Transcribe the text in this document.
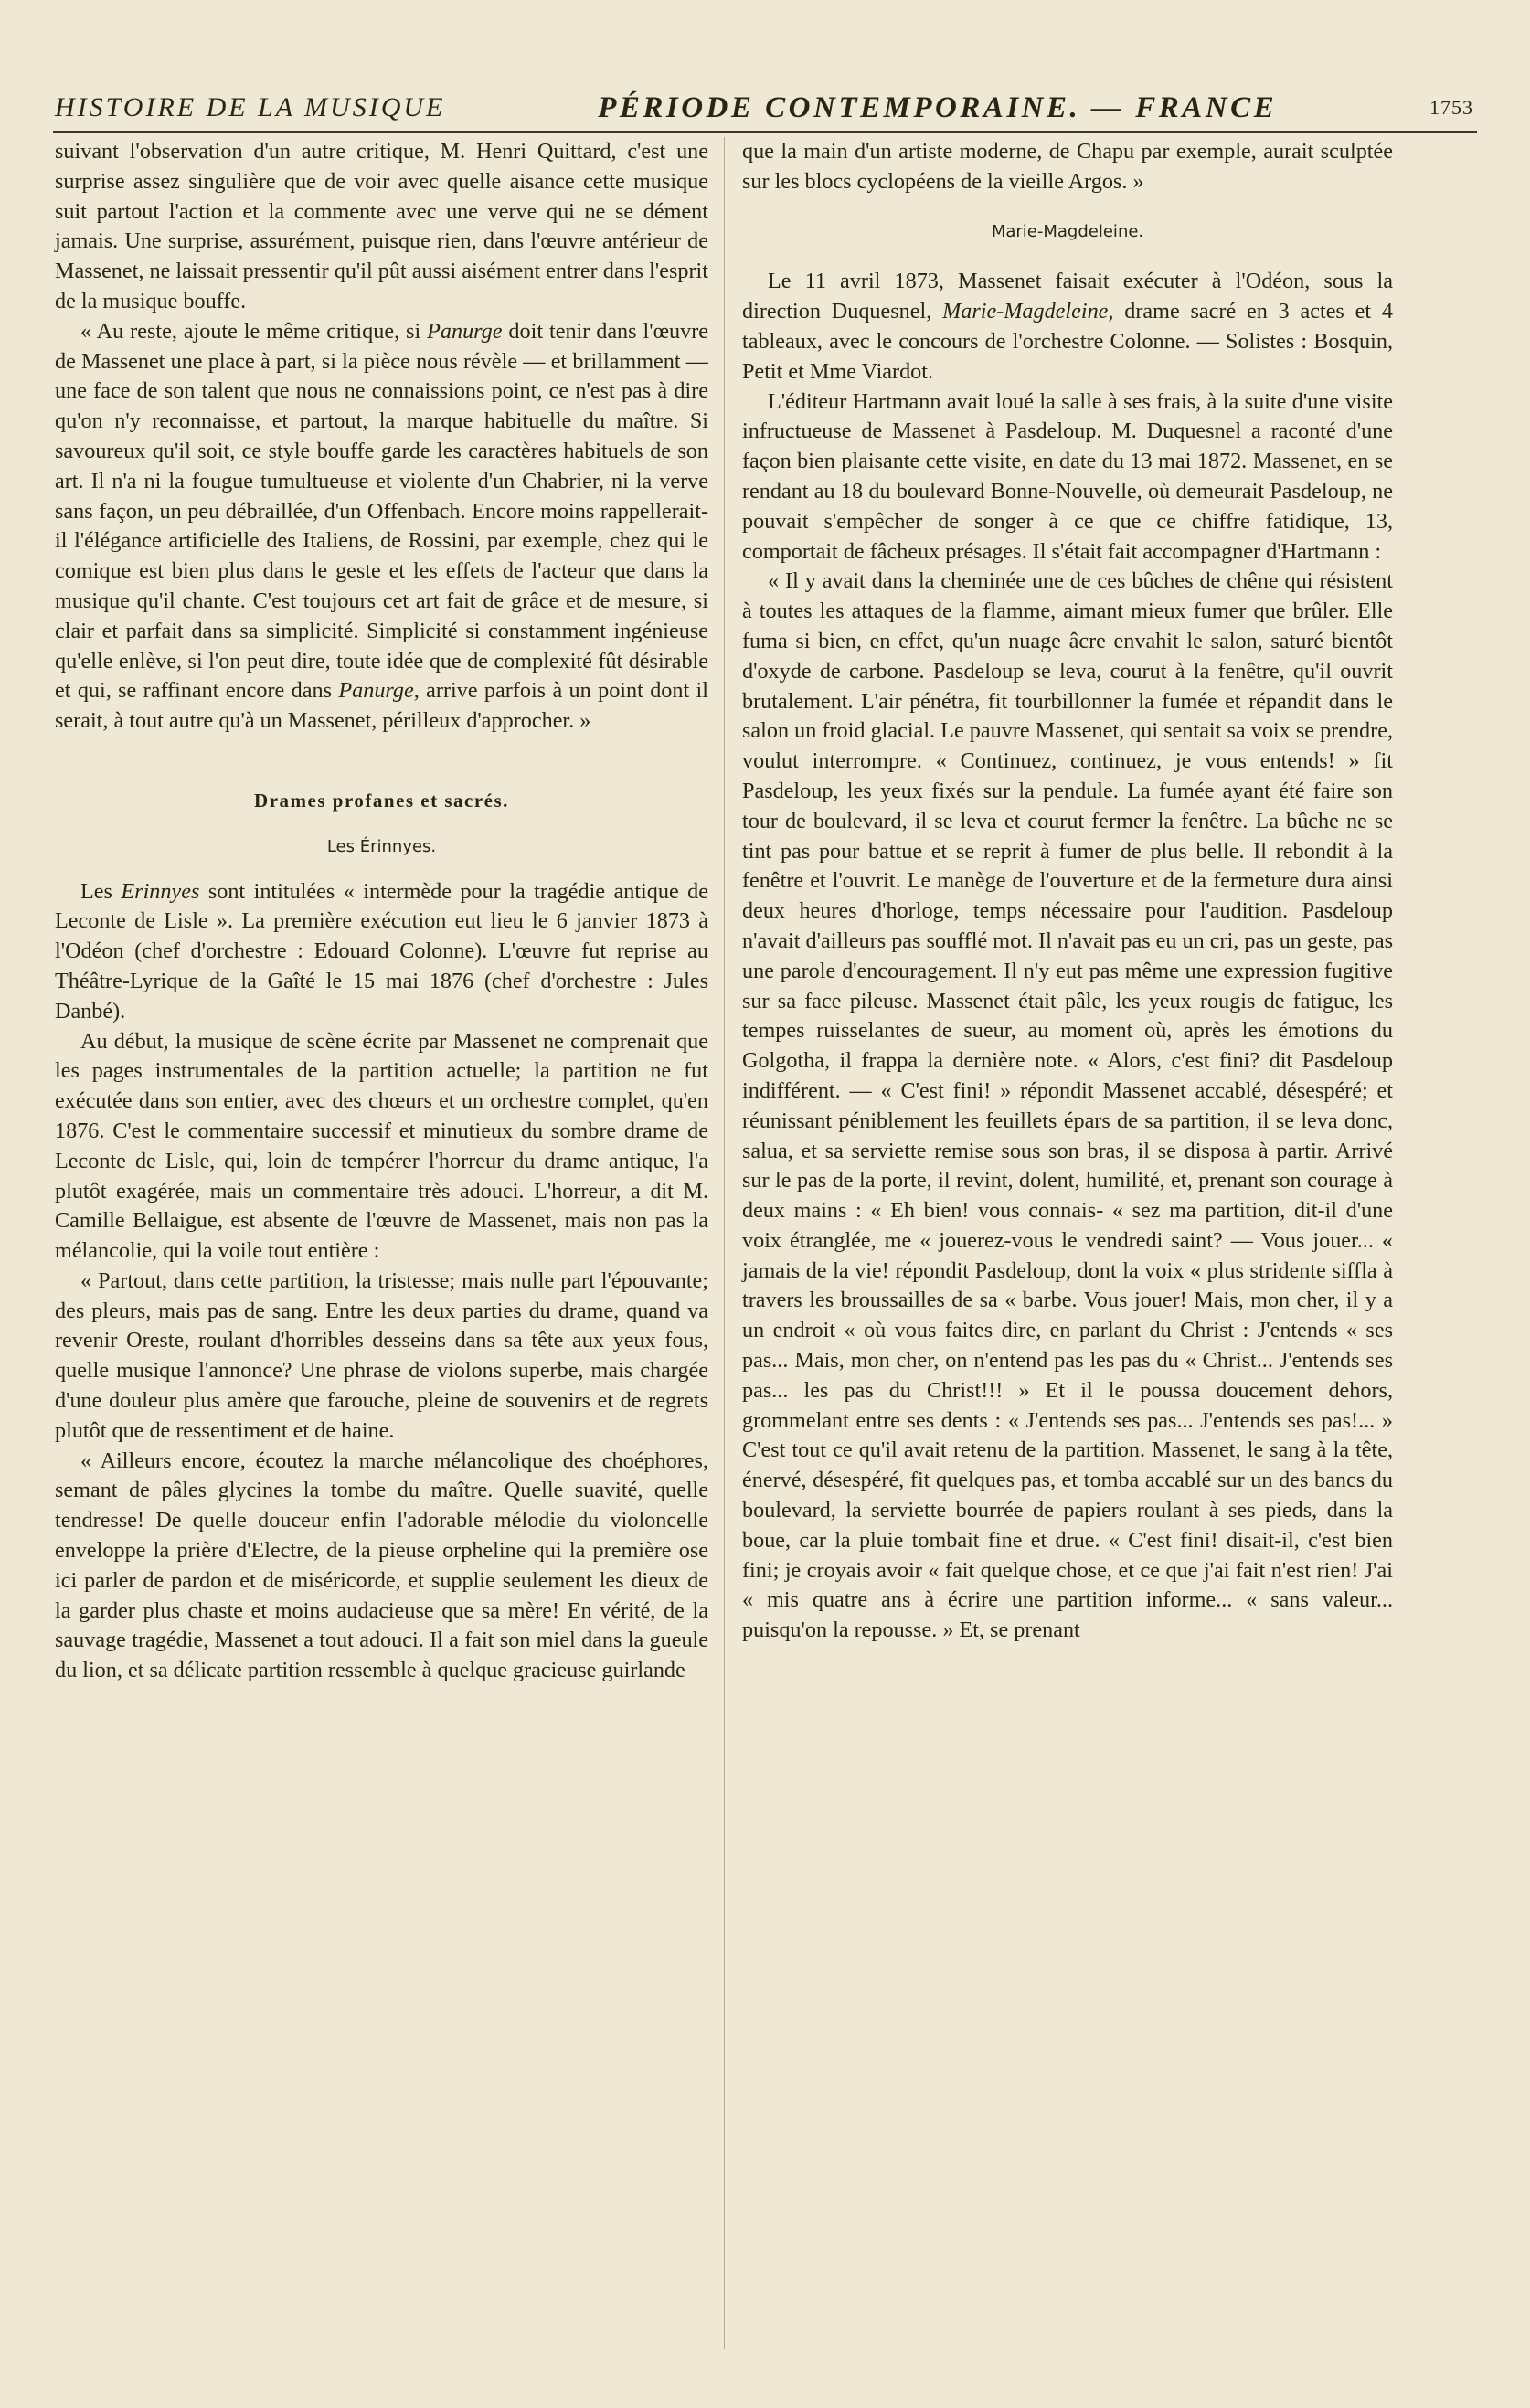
HISTOIRE DE LA MUSIQUE	PÉRIODE CONTEMPORAINE. — FRANCE	1753

suivant l'observation d'un autre critique, M. Henri Quittard, c'est une surprise assez singulière que de voir avec quelle aisance cette musique suit partout l'action et la commente avec une verve qui ne se dément jamais. Une surprise, assurément, puisque rien, dans l'œuvre antérieur de Massenet, ne laissait pressentir qu'il pût aussi aisément entrer dans l'esprit de la musique bouffe.

« Au reste, ajoute le même critique, si Panurge doit tenir dans l'œuvre de Massenet une place à part, si la pièce nous révèle — et brillamment — une face de son talent que nous ne connaissions point, ce n'est pas à dire qu'on n'y reconnaisse, et partout, la marque habituelle du maître. Si savoureux qu'il soit, ce style bouffe garde les caractères habituels de son art. Il n'a ni la fougue tumultueuse et violente d'un Chabrier, ni la verve sans façon, un peu débraillée, d'un Offenbach. Encore moins rappellerait-il l'élégance artificielle des Italiens, de Rossini, par exemple, chez qui le comique est bien plus dans le geste et les effets de l'acteur que dans la musique qu'il chante. C'est toujours cet art fait de grâce et de mesure, si clair et parfait dans sa simplicité. Simplicité si constamment ingénieuse qu'elle enlève, si l'on peut dire, toute idée que de complexité fût désirable et qui, se raffinant encore dans Panurge, arrive parfois à un point dont il serait, à tout autre qu'à un Massenet, périlleux d'approcher. »

Drames profanes et sacrés.
Les Érinnyes.

Les Erinnyes sont intitulées « intermède pour la tragédie antique de Leconte de Lisle ». La première exécution eut lieu le 6 janvier 1873 à l'Odéon (chef d'orchestre : Edouard Colonne). L'œuvre fut reprise au Théâtre-Lyrique de la Gaîté le 15 mai 1876 (chef d'orchestre : Jules Danbé).

Au début, la musique de scène écrite par Massenet ne comprenait que les pages instrumentales de la partition actuelle; la partition ne fut exécutée dans son entier, avec des chœurs et un orchestre complet, qu'en 1876. C'est le commentaire successif et minutieux du sombre drame de Leconte de Lisle, qui, loin de tempérer l'horreur du drame antique, l'a plutôt exagérée, mais un commentaire très adouci. L'horreur, a dit M. Camille Bellaigue, est absente de l'œuvre de Massenet, mais non pas la mélancolie, qui la voile tout entière :

« Partout, dans cette partition, la tristesse; mais nulle part l'épouvante; des pleurs, mais pas de sang. Entre les deux parties du drame, quand va revenir Oreste, roulant d'horribles desseins dans sa tête aux yeux fous, quelle musique l'annonce? Une phrase de violons superbe, mais chargée d'une douleur plus amère que farouche, pleine de souvenirs et de regrets plutôt que de ressentiment et de haine.

« Ailleurs encore, écoutez la marche mélancolique des choéphores, semant de pâles glycines la tombe du maître. Quelle suavité, quelle tendresse! De quelle douceur enfin l'adorable mélodie du violoncelle enveloppe la prière d'Electre, de la pieuse orpheline qui la première ose ici parler de pardon et de miséricorde, et supplie seulement les dieux de la garder plus chaste et moins audacieuse que sa mère! En vérité, de la sauvage tragédie, Massenet a tout adouci. Il a fait son miel dans la gueule du lion, et sa délicate partition ressemble à quelque gracieuse guirlande

que la main d'un artiste moderne, de Chapu par exemple, aurait sculptée sur les blocs cyclopéens de la vieille Argos. »

Marie-Magdeleine.

Le 11 avril 1873, Massenet faisait exécuter à l'Odéon, sous la direction Duquesnel, Marie-Magdeleine, drame sacré en 3 actes et 4 tableaux, avec le concours de l'orchestre Colonne. — Solistes : Bosquin, Petit et Mme Viardot.

L'éditeur Hartmann avait loué la salle à ses frais, à la suite d'une visite infructueuse de Massenet à Pasdeloup. M. Duquesnel a raconté d'une façon bien plaisante cette visite, en date du 13 mai 1872. Massenet, en se rendant au 18 du boulevard Bonne-Nouvelle, où demeurait Pasdeloup, ne pouvait s'empêcher de songer à ce que ce chiffre fatidique, 13, comportait de fâcheux présages. Il s'était fait accompagner d'Hartmann :

« Il y avait dans la cheminée une de ces bûches de chêne qui résistent à toutes les attaques de la flamme, aimant mieux fumer que brûler. Elle fuma si bien, en effet, qu'un nuage âcre envahit le salon, saturé bientôt d'oxyde de carbone. Pasdeloup se leva, courut à la fenêtre, qu'il ouvrit brutalement. L'air pénétra, fit tourbillonner la fumée et répandit dans le salon un froid glacial. Le pauvre Massenet, qui sentait sa voix se prendre, voulut interrompre. « Continuez, continuez, je vous entends! » fit Pasdeloup, les yeux fixés sur la pendule. La fumée ayant été faire son tour de boulevard, il se leva et courut fermer la fenêtre. La bûche ne se tint pas pour battue et se reprit à fumer de plus belle. Il rebondit à la fenêtre et l'ouvrit. Le manège de l'ouverture et de la fermeture dura ainsi deux heures d'horloge, temps nécessaire pour l'audition. Pasdeloup n'avait d'ailleurs pas soufflé mot. Il n'avait pas eu un cri, pas un geste, pas une parole d'encouragement. Il n'y eut pas même une expression fugitive sur sa face pileuse. Massenet était pâle, les yeux rougis de fatigue, les tempes ruisselantes de sueur, au moment où, après les émotions du Golgotha, il frappa la dernière note. « Alors, c'est fini? dit Pasdeloup indifférent. — « C'est fini! » répondit Massenet accablé, désespéré; et réunissant péniblement les feuillets épars de sa partition, il se leva donc, salua, et sa serviette remise sous son bras, il se disposa à partir. Arrivé sur le pas de la porte, il revint, dolent, humilité, et, prenant son courage à deux mains : « Eh bien! vous connais- « sez ma partition, dit-il d'une voix étranglée, me « jouerez-vous le vendredi saint? — Vous jouer... « jamais de la vie! répondit Pasdeloup, dont la voix « plus stridente siffla à travers les broussailles de sa « barbe. Vous jouer! Mais, mon cher, il y a un endroit « où vous faites dire, en parlant du Christ : J'entends « ses pas... Mais, mon cher, on n'entend pas les pas du « Christ... J'entends ses pas... les pas du Christ!!! » Et il le poussa doucement dehors, grommelant entre ses dents : « J'entends ses pas... J'entends ses pas!... » C'est tout ce qu'il avait retenu de la partition. Massenet, le sang à la tête, énervé, désespéré, fit quelques pas, et tomba accablé sur un des bancs du boulevard, la serviette bourrée de papiers roulant à ses pieds, dans la boue, car la pluie tombait fine et drue. « C'est fini! disait-il, c'est bien fini; je croyais avoir « fait quelque chose, et ce que j'ai fait n'est rien! J'ai « mis quatre ans à écrire une partition informe... « sans valeur... puisqu'on la repousse. » Et, se prenant
